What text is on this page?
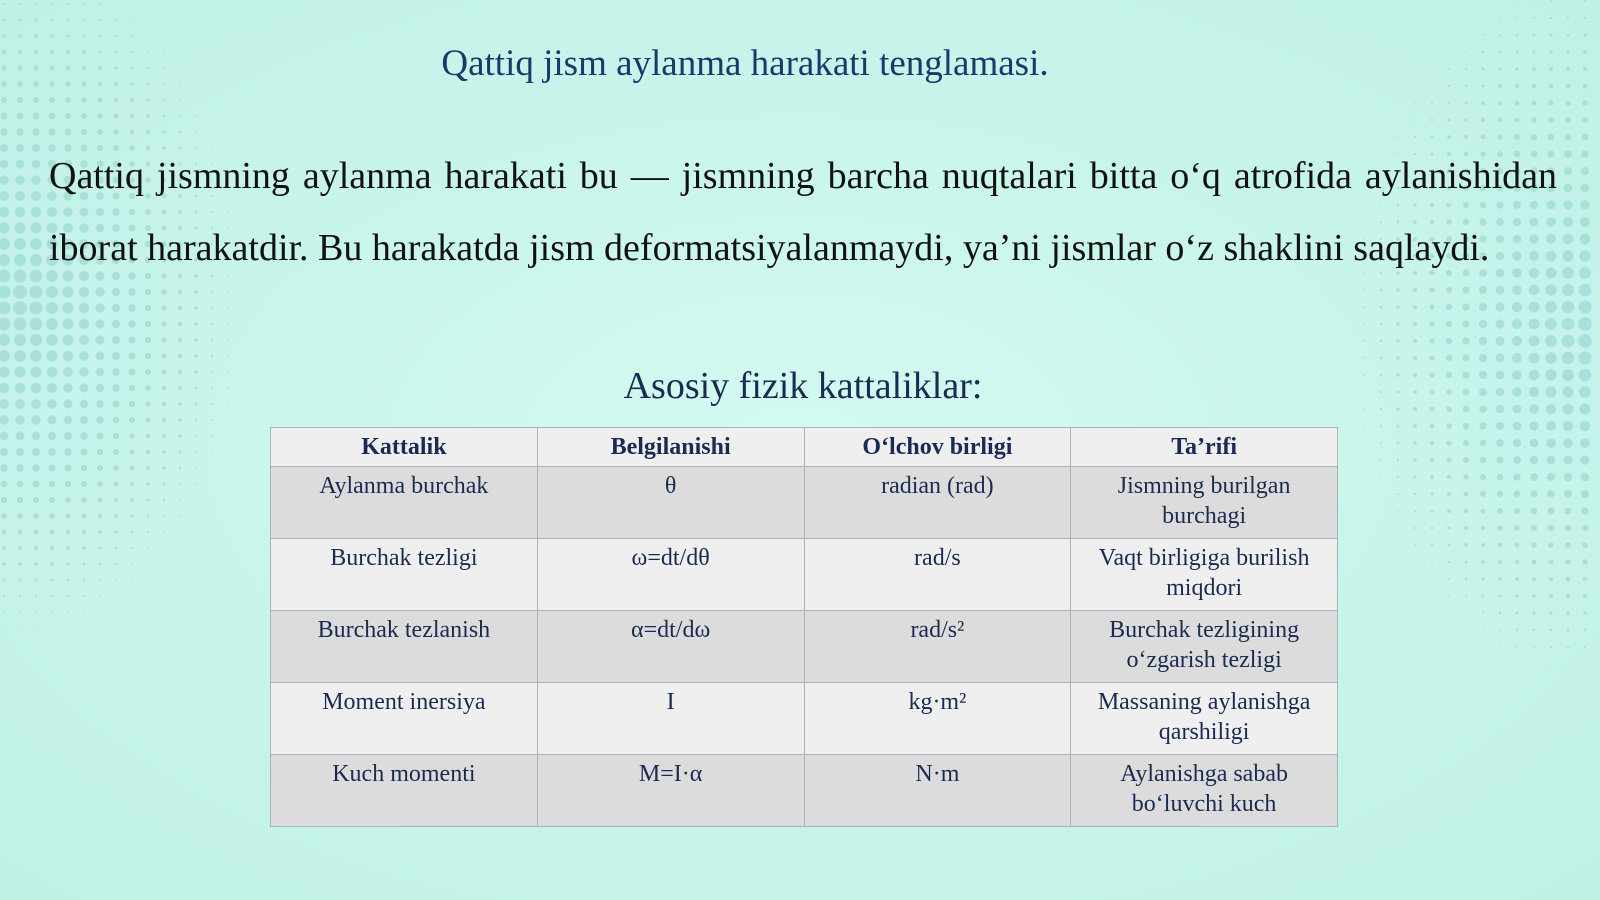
Qattiq jism aylanma harakati tenglamasi.

Qattiq jismning aylanma harakati bu — jismning barcha nuqtalari bitta o‘q atrofida aylanishidan iborat harakatdir. Bu harakatda jism deformatsiyalanmaydi, ya’ni jismlar o‘z shaklini saqlaydi.

Asosiy fizik kattaliklar:
Kattalik	Belgilanishi	O‘lchov birligi	Ta’rifi
Aylanma burchak	θ	radian (rad)	Jismning burilgan burchagi
Burchak tezligi	ω=dt/dθ	rad/s	Vaqt birligiga burilish miqdori
Burchak tezlanish	α=dt/dω	rad/s²	Burchak tezligining o‘zgarish tezligi
Moment inersiya	I	kg·m²	Massaning aylanishga qarshiligi
Kuch momenti	M=I·α	N·m	Aylanishga sabab bo‘luvchi kuch
